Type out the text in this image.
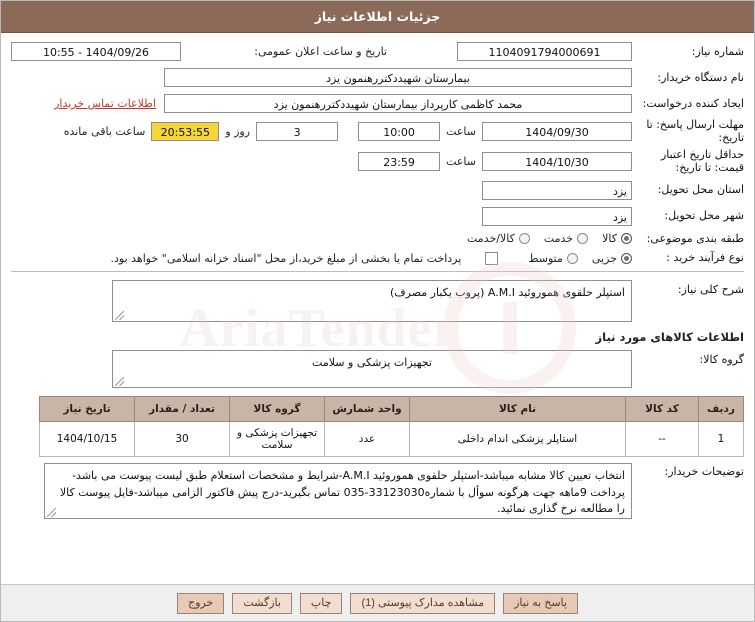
جزئیات اطلاعات نیاز
شماره نیاز:
1104091794000691
تاریخ و ساعت اعلان عمومی:
1404/09/26 - 10:55
نام دستگاه خریدار:
بیمارستان شهیددکتررهنمون یزد
ایجاد کننده درخواست:
محمد کاظمی کارپرداز بیمارستان شهیددکتررهنمون یزد
اطلاعات تماس خریدار
مهلت ارسال پاسخ: تا تاریخ:
1404/09/30
ساعت
10:00
3
روز و
20:53:55
ساعت باقی مانده
حداقل تاریخ اعتبار قیمت: تا تاریخ:
1404/10/30
ساعت
23:59
استان محل تحویل:
یزد
شهر محل تحویل:
یزد
طبقه بندی موضوعی:
کالا
خدمت
کالا/خدمت
نوع فرآیند خرید :
جزیی
متوسط
پرداخت تمام یا بخشی از مبلغ خرید،از محل "اسناد خزانه اسلامی" خواهد بود.
شرح کلی نیاز:
استپلر حلقوی هموروئید A.M.I (پروب یکبار مصرف)
اطلاعات کالاهای مورد نیاز
گروه کالا:
تجهیزات پزشکی و سلامت
ردیف	کد کالا	نام کالا	واحد شمارش	گروه کالا	تعداد / مقدار	تاریخ نیاز
1	--	استاپلر پزشکی اندام داخلی	عدد	تجهیزات پزشکی و سلامت	30	1404/10/15
توضیحات خریدار:
انتخاب تعیین کالا مشابه میباشد-استپلر حلقوی هموروئید A.M.I-شرایط و مشخصات استعلام طبق لیست پیوست می باشد-پرداخت 9ماهه جهت هرگونه سوأل با شماره33123030-035 تماس بگیرید-درج پیش فاکتور الزامی میباشد-فایل پیوست کالا را مطالعه نرخ گذاری نمائید.
AriaTender
پاسخ به نیاز
مشاهده مدارک پیوستی (1)
چاپ
بازگشت
خروج
